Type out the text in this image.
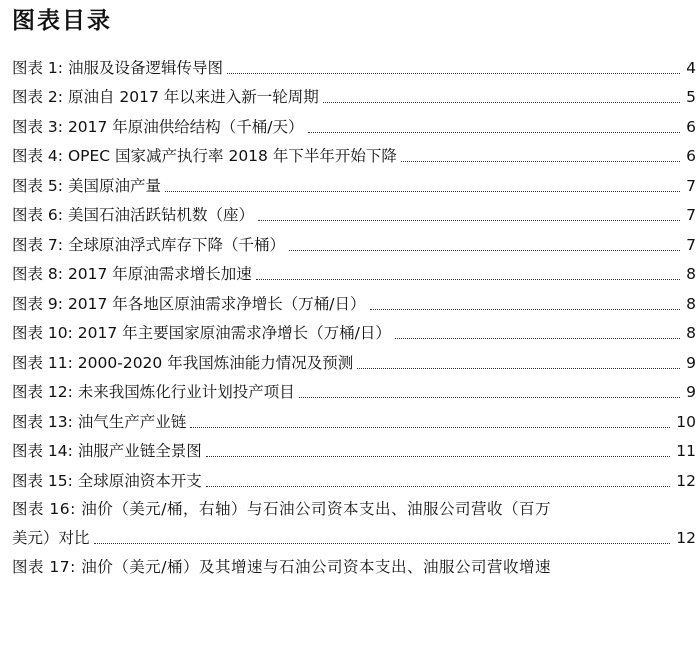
图表目录
图表 1: 油服及设备逻辑传导图	4
图表 2: 原油自 2017 年以来进入新一轮周期	5
图表 3: 2017 年原油供给结构（千桶/天）	6
图表 4: OPEC 国家减产执行率 2018 年下半年开始下降	6
图表 5: 美国原油产量	7
图表 6: 美国石油活跃钻机数（座）	7
图表 7: 全球原油浮式库存下降（千桶）	7
图表 8: 2017 年原油需求增长加速	8
图表 9: 2017 年各地区原油需求净增长（万桶/日）	8
图表 10: 2017 年主要国家原油需求净增长（万桶/日）	8
图表 11: 2000-2020 年我国炼油能力情况及预测	9
图表 12: 未来我国炼化行业计划投产项目	9
图表 13: 油气生产产业链	10
图表 14: 油服产业链全景图	11
图表 15: 全球原油资本开支	12
图表 16: 油价（美元/桶，右轴）与石油公司资本支出、油服公司营收（百万
美元）对比	12
图表 17: 油价（美元/桶）及其增速与石油公司资本支出、油服公司营收增速
